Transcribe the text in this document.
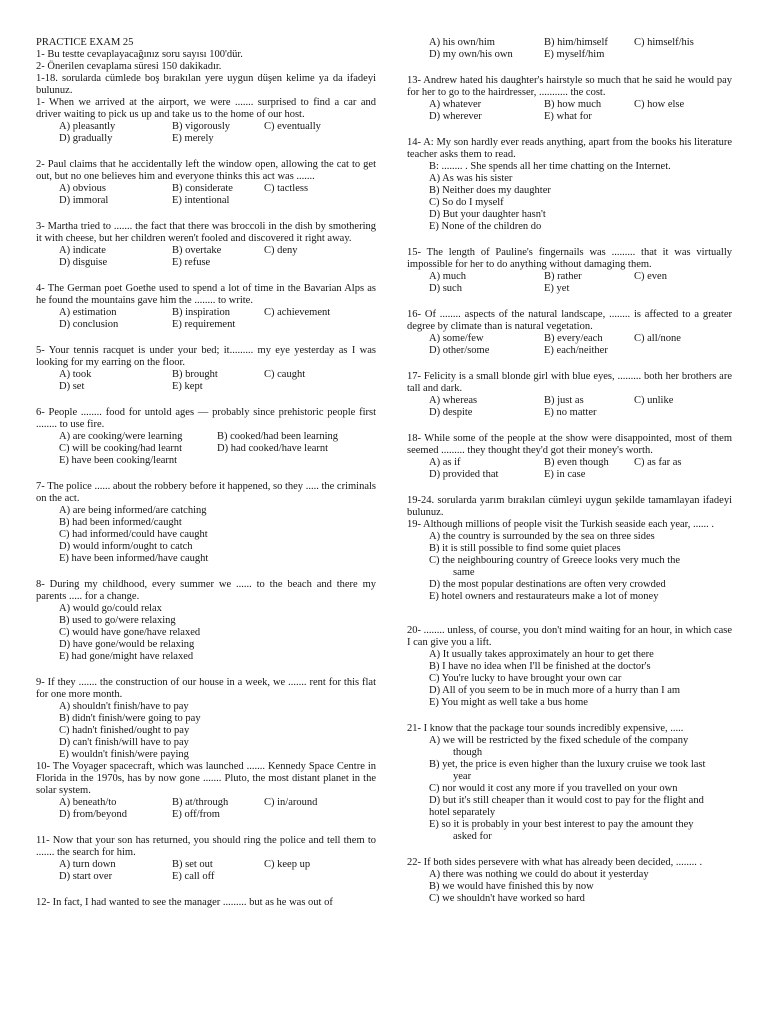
PRACTICE EXAM 25
1- Bu testte cevaplayacağınız soru sayısı 100'dür.
2- Önerilen cevaplama süresi 150 dakikadır.
1-18. sorularda cümlede boş bırakılan yere uygun düşen kelime ya da ifadeyi bulunuz.
1- When we arrived at the airport, we were ....... surprised to find a car and driver waiting to pick us up and take us to the home of our host.
A) pleasantly	B) vigorously	C) eventually
D) gradually	E) merely
2- Paul claims that he accidentally left the window open, allowing the cat to get out, but no one believes him and everyone thinks this act was .......
A) obvious	B) considerate	C) tactless
D) immoral	E) intentional
3- Martha tried to ....... the fact that there was broccoli in the dish by smothering it with cheese, but her children weren't fooled and discovered it right away.
A) indicate	B) overtake	C) deny
D) disguise	E) refuse
4- The German poet Goethe used to spend a lot of time in the Bavarian Alps as he found the mountains gave him the ........ to write.
A) estimation	B) inspiration	C) achievement
D) conclusion	E) requirement
5- Your tennis racquet is under your bed; it......... my eye yesterday as I was looking for my earring on the floor.
A) took	B) brought	C) caught
D) set	E) kept
6- People ........ food for untold ages — probably since prehistoric people first ........ to use fire.
A) are cooking/were learning	B) cooked/had been learning
C) will be cooking/had learnt	D) had cooked/have learnt
E) have been cooking/learnt
7- The police ...... about the robbery before it happened, so they ..... the criminals on the act.
A) are being informed/are catching
B) had been informed/caught
C) had informed/could have caught
D) would inform/ought to catch
E) have been informed/have caught
8- During my childhood, every summer we ...... to the beach and there my parents ..... for a change.
A) would go/could relax
B) used to go/were relaxing
C) would have gone/have relaxed
D) have gone/would be relaxing
E) had gone/might have relaxed
9- If they ....... the construction of our house in a week, we ....... rent for this flat for one more month.
A) shouldn't finish/have to pay
B) didn't finish/were going to pay
C) hadn't finished/ought to pay
D) can't finish/will have to pay
E) wouldn't finish/were paying
10- The Voyager spacecraft, which was launched ....... Kennedy Space Centre in Florida in the 1970s, has by now gone ....... Pluto, the most distant planet in the solar system.
A) beneath/to	B) at/through	C) in/around
D) from/beyond	E) off/from
11- Now that your son has returned, you should ring the police and tell them to ....... the search for him.
A) turn down	B) set out	C) keep up
D) start over	E) call off
12- In fact, I had wanted to see the manager ......... but as he was out of
A) his own/him	B) him/himself	C) himself/his
D) my own/his own	E) myself/him
13- Andrew hated his daughter's hairstyle so much that he said he would pay for her to go to the hairdresser, ........... the cost.
A) whatever	B) how much	C) how else
D) wherever	E) what for
14- A: My son hardly ever reads anything, apart from the books his literature teacher asks them to read.
B: ........ . She spends all her time chatting on the Internet.
A) As was his sister
B) Neither does my daughter
C) So do I myself
D) But your daughter hasn't
E) None of the children do
15- The length of Pauline's fingernails was ......... that it was virtually impossible for her to do anything without damaging them.
A) much	B) rather	C) even
D) such	E) yet
16- Of ........ aspects of the natural landscape, ........ is affected to a greater degree by climate than is natural vegetation.
A) some/few	B) every/each	C) all/none
D) other/some	E) each/neither
17- Felicity is a small blonde girl with blue eyes, ......... both her brothers are tall and dark.
A) whereas	B) just as	C) unlike
D) despite	E) no matter
18- While some of the people at the show were disappointed, most of them seemed ......... they thought they'd got their money's worth.
A) as if	B) even though	C) as far as
D) provided that	E) in case
19-24. sorularda yarım bırakılan cümleyi uygun şekilde tamamlayan ifadeyi bulunuz.
19- Although millions of people visit the Turkish seaside each year, ...... .
A) the country is surrounded by the sea on three sides
B) it is still possible to find some quiet places
C) the neighbouring country of Greece looks very much the
same
D) the most popular destinations are often very crowded
E) hotel owners and restaurateurs make a lot of money
20- ........ unless, of course, you don't mind waiting for an hour, in which case I can give you a lift.
A) It usually takes approximately an hour to get there
B) I have no idea when I'll be finished at the doctor's
C) You're lucky to have brought your own car
D) All of you seem to be in much more of a hurry than I am
E) You might as well take a bus home
21- I know that the package tour sounds incredibly expensive, .....
A) we will be restricted by the fixed schedule of the company
though
B) yet, the price is even higher than the luxury cruise we took last
year
C) nor would it cost any more if you travelled on your own
D) but it's still cheaper than it would cost to pay for the flight and
hotel separately
E) so it is probably in your best interest to pay the amount they
asked for
22- If both sides persevere with what has already been decided, ........ .
A) there was nothing we could do about it yesterday
B) we would have finished this by now
C) we shouldn't have worked so hard
